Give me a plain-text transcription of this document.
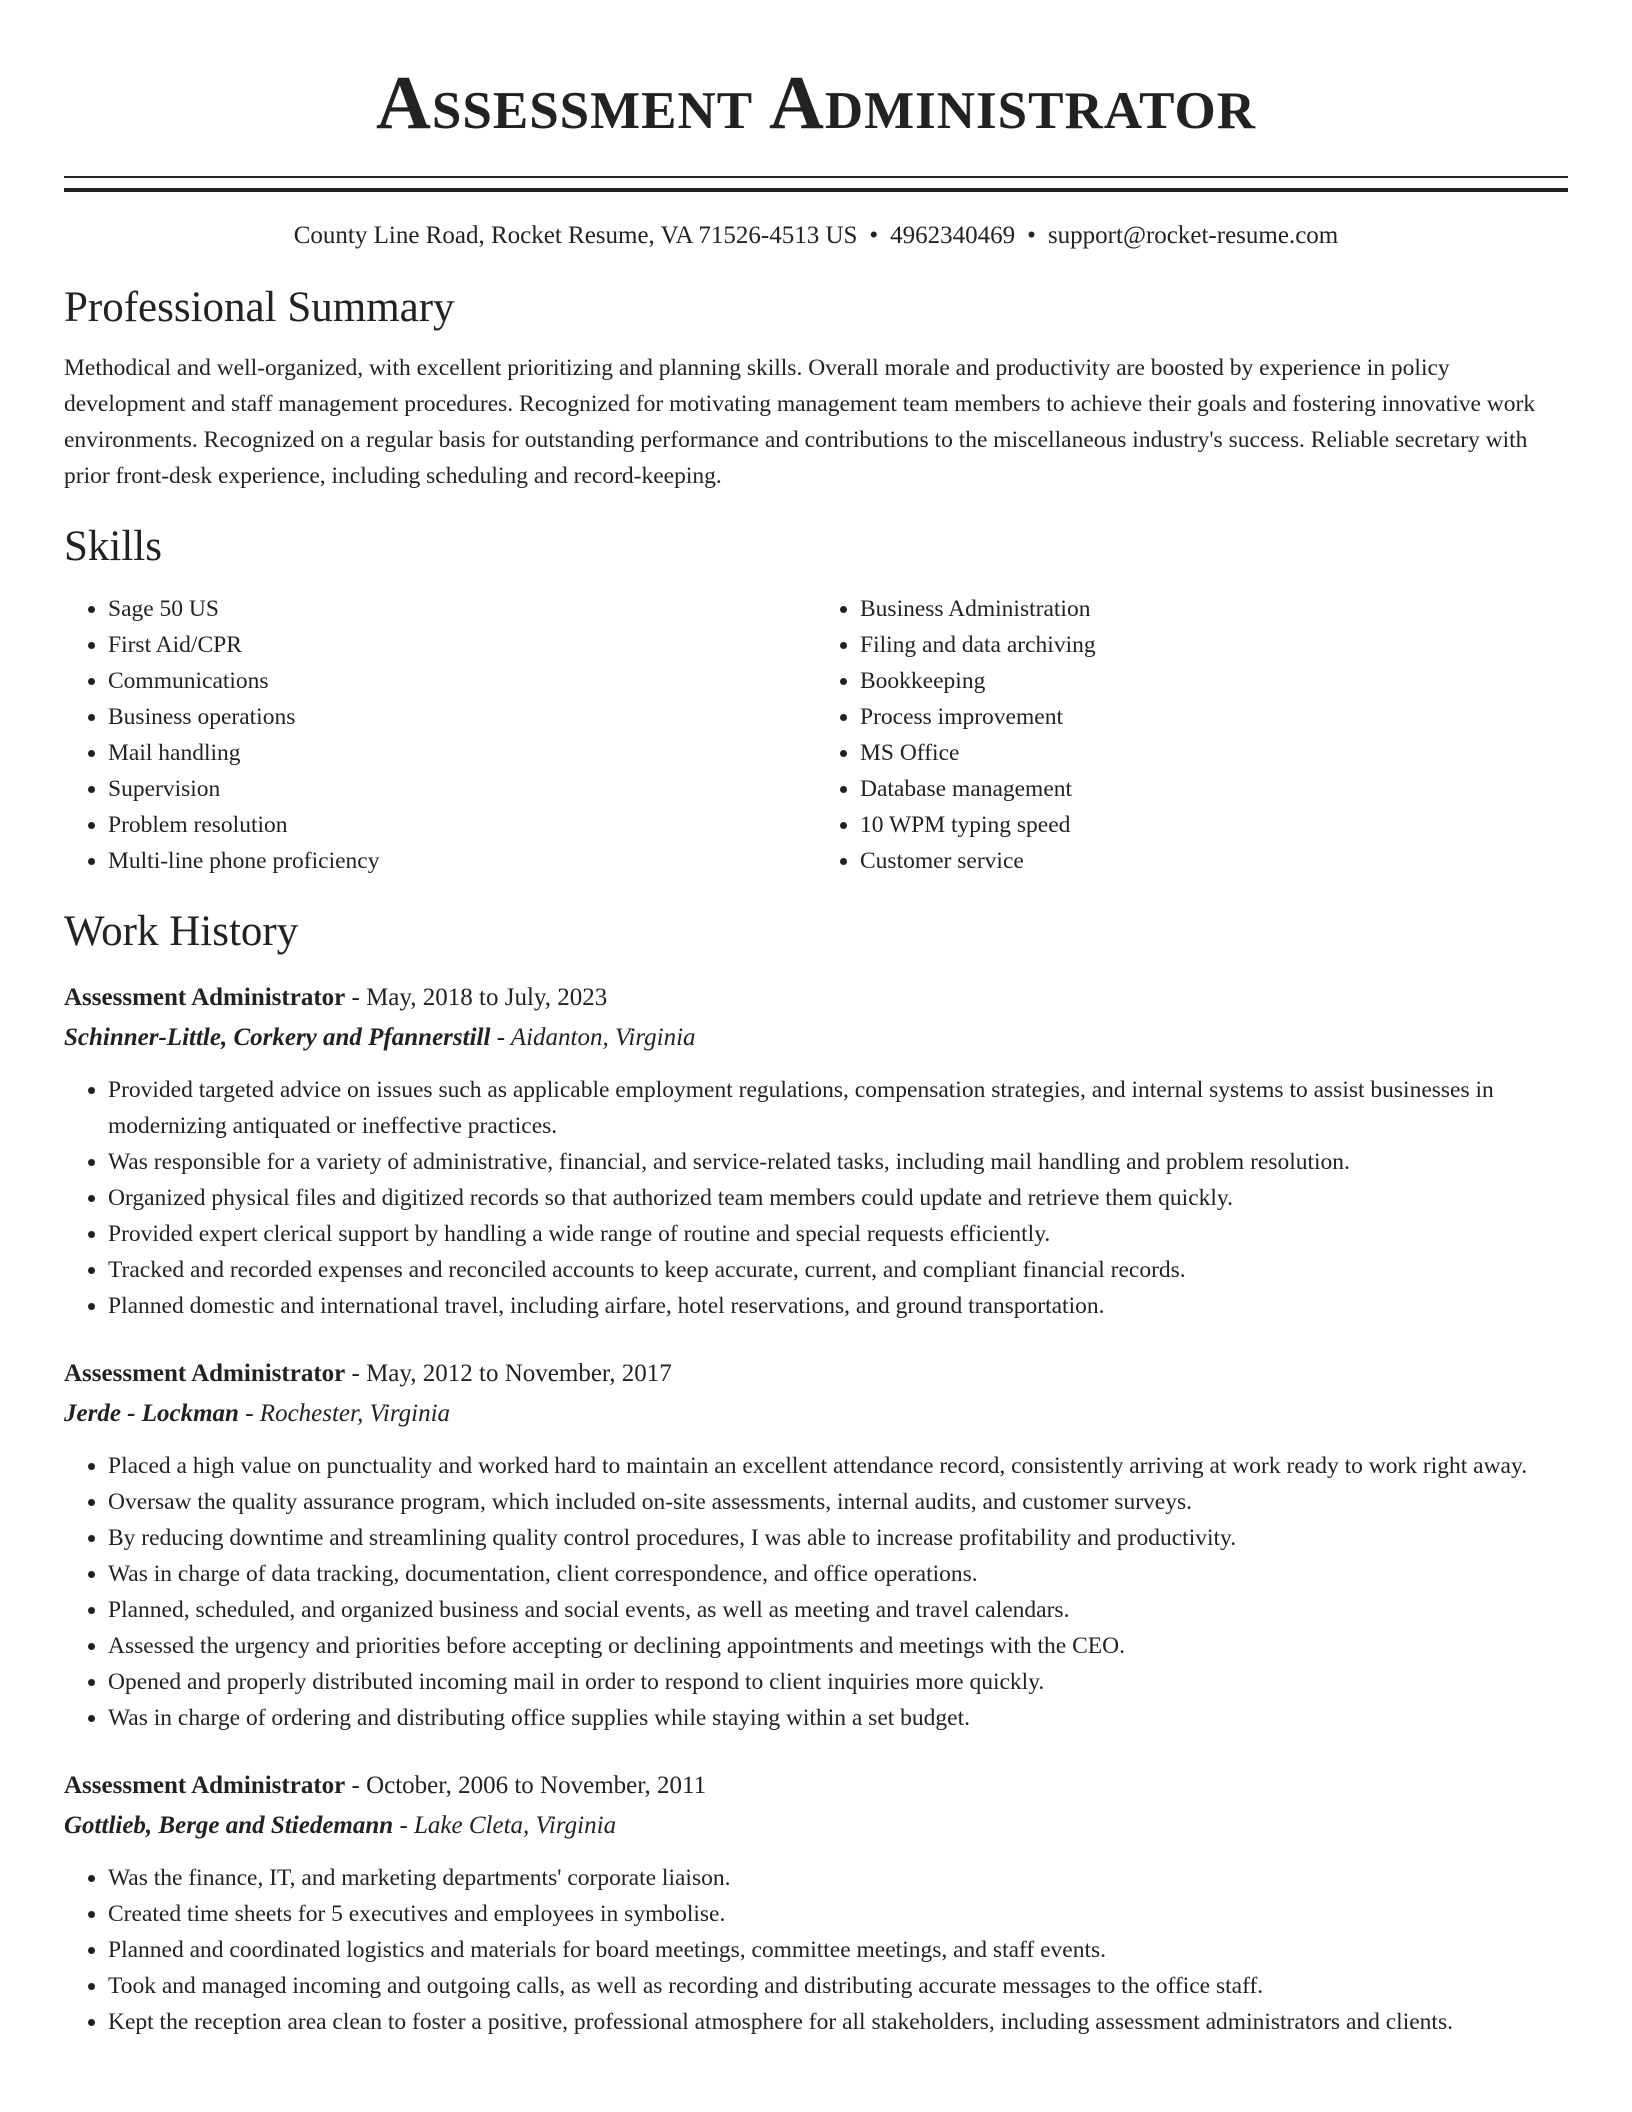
Assessment Administrator
County Line Road, Rocket Resume, VA 71526-4513 US • 4962340469 • support@rocket-resume.com
Professional Summary
Methodical and well-organized, with excellent prioritizing and planning skills. Overall morale and productivity are boosted by experience in policy development and staff management procedures. Recognized for motivating management team members to achieve their goals and fostering innovative work environments. Recognized on a regular basis for outstanding performance and contributions to the miscellaneous industry's success. Reliable secretary with prior front-desk experience, including scheduling and record-keeping.
Skills
• Sage 50 US
• First Aid/CPR
• Communications
• Business operations
• Mail handling
• Supervision
• Problem resolution
• Multi-line phone proficiency
• Business Administration
• Filing and data archiving
• Bookkeeping
• Process improvement
• MS Office
• Database management
• 10 WPM typing speed
• Customer service
Work History
Assessment Administrator - May, 2018 to July, 2023
Schinner-Little, Corkery and Pfannerstill - Aidanton, Virginia
• Provided targeted advice on issues such as applicable employment regulations, compensation strategies, and internal systems to assist businesses in modernizing antiquated or ineffective practices.
• Was responsible for a variety of administrative, financial, and service-related tasks, including mail handling and problem resolution.
• Organized physical files and digitized records so that authorized team members could update and retrieve them quickly.
• Provided expert clerical support by handling a wide range of routine and special requests efficiently.
• Tracked and recorded expenses and reconciled accounts to keep accurate, current, and compliant financial records.
• Planned domestic and international travel, including airfare, hotel reservations, and ground transportation.
Assessment Administrator - May, 2012 to November, 2017
Jerde - Lockman - Rochester, Virginia
• Placed a high value on punctuality and worked hard to maintain an excellent attendance record, consistently arriving at work ready to work right away.
• Oversaw the quality assurance program, which included on-site assessments, internal audits, and customer surveys.
• By reducing downtime and streamlining quality control procedures, I was able to increase profitability and productivity.
• Was in charge of data tracking, documentation, client correspondence, and office operations.
• Planned, scheduled, and organized business and social events, as well as meeting and travel calendars.
• Assessed the urgency and priorities before accepting or declining appointments and meetings with the CEO.
• Opened and properly distributed incoming mail in order to respond to client inquiries more quickly.
• Was in charge of ordering and distributing office supplies while staying within a set budget.
Assessment Administrator - October, 2006 to November, 2011
Gottlieb, Berge and Stiedemann - Lake Cleta, Virginia
• Was the finance, IT, and marketing departments' corporate liaison.
• Created time sheets for 5 executives and employees in symbolise.
• Planned and coordinated logistics and materials for board meetings, committee meetings, and staff events.
• Took and managed incoming and outgoing calls, as well as recording and distributing accurate messages to the office staff.
• Kept the reception area clean to foster a positive, professional atmosphere for all stakeholders, including assessment administrators and clients.
